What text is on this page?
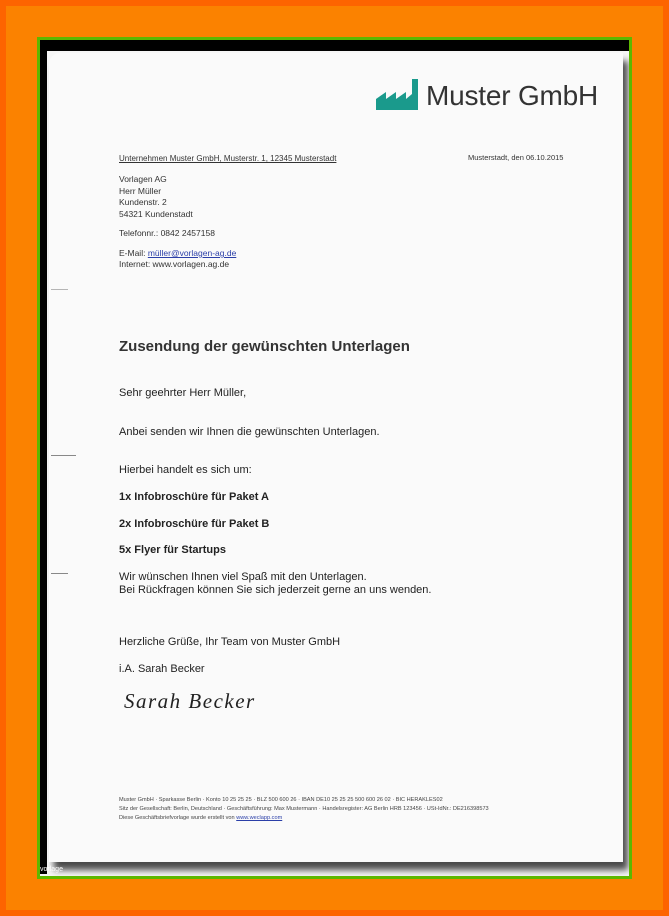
Muster GmbH
Unternehmen Muster GmbH, Musterstr. 1, 12345 Musterstadt	Musterstadt, den 06.10.2015
Vorlagen AG
Herr Müller
Kundenstr. 2
54321 Kundenstadt
Telefonnr.: 0842 2457158
E-Mail: müller@vorlagen-ag.de
Internet: www.vorlagen.ag.de
Zusendung der gewünschten Unterlagen
Sehr geehrter Herr Müller,
Anbei senden wir Ihnen die gewünschten Unterlagen.
Hierbei handelt es sich um:
1x Infobroschüre für Paket A
2x Infobroschüre für Paket B
5x Flyer für Startups
Wir wünschen Ihnen viel Spaß mit den Unterlagen.
Bei Rückfragen können Sie sich jederzeit gerne an uns wenden.
Herzliche Grüße, Ihr Team von Muster GmbH
i.A. Sarah Becker
Sarah Becker
Muster GmbH · Sparkasse Berlin · Konto 10 25 25 25 · BLZ 500 600 26 · IBAN DE10 25 25 25 500 600 26 02 · BIC HERAKLES02
Sitz der Gesellschaft: Berlin, Deutschland · Geschäftsführung: Max Mustermann · Handelsregister: AG Berlin HRB 123456 · USt-IdNr.: DE216398573
Diese Geschäftsbriefvorlage wurde erstellt von www.weclapp.com
vorlage
